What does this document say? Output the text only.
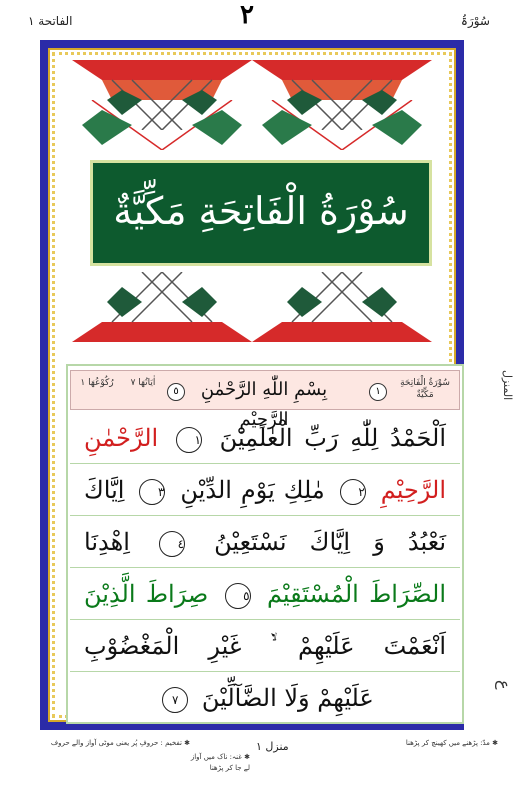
الفاتحة ١	٢	سُوْرَۃُ
سُوْرَةُ الْفَاتِحَةِ مَكِّيَّةٌ
سُوْرَةُ الْفَاتِحَةِ
مَكِّيَّةٌ
١
بِسْمِ اللّٰهِ الرَّحْمٰنِ الرَّحِيْمِ
٥
اٰيَاتُهَا ٧
رُكُوْعُهَا ١
اَلْحَمْدُ لِلّٰهِ رَبِّ الْعٰلَمِيْنَ ١ الرَّحْمٰنِ
الرَّحِيْمِ ٢ مٰلِكِ يَوْمِ الدِّيْنِ ٣ اِيَّاكَ
نَعْبُدُ وَ اِيَّاكَ نَسْتَعِيْنُ ٤ اِهْدِنَا
الصِّرَاطَ الْمُسْتَقِيْمَ ٥ صِرَاطَ الَّذِيْنَ
اَنْعَمْتَ عَلَيْهِمْ ۙ۬ غَيْرِ الْمَغْضُوْبِ
عَلَيْهِمْ وَلَا الضَّآلِّيْنَ ٧
المنزل
ع
✱ تفخیم : حروفِ پُر یعنی موٹی آواز والے حروف	منزل ١
✱ غنہ: ناک میں آواز لے جا کر پڑھنا
✱ مدّ: پڑھنے میں کھینچ کر پڑھنا
